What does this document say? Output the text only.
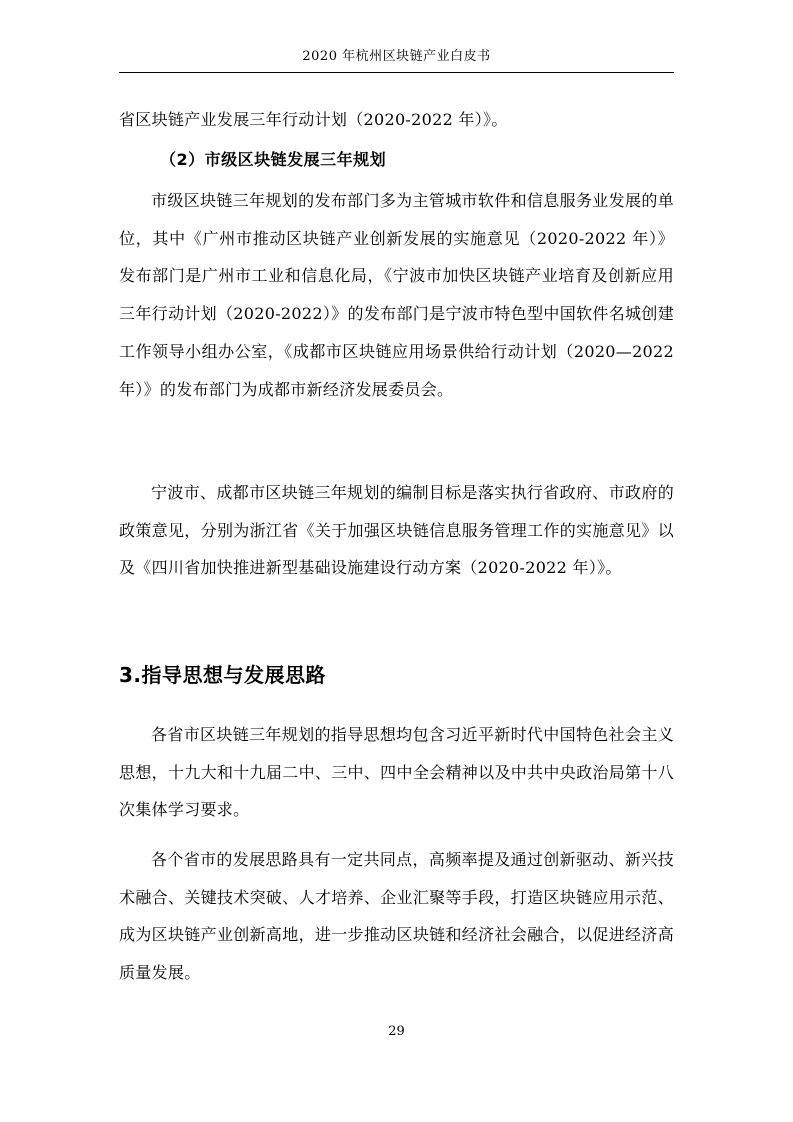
2020 年杭州区块链产业白皮书

省区块链产业发展三年行动计划（2020-2022 年）》。

（2）市级区块链发展三年规划

市级区块链三年规划的发布部门多为主管城市软件和信息服务业发展的单位，其中《广州市推动区块链产业创新发展的实施意见（2020-2022 年）》发布部门是广州市工业和信息化局，《宁波市加快区块链产业培育及创新应用三年行动计划（2020-2022）》的发布部门是宁波市特色型中国软件名城创建工作领导小组办公室，《成都市区块链应用场景供给行动计划（2020—2022 年）》的发布部门为成都市新经济发展委员会。

宁波市、成都市区块链三年规划的编制目标是落实执行省政府、市政府的政策意见，分别为浙江省《关于加强区块链信息服务管理工作的实施意见》以及《四川省加快推进新型基础设施建设行动方案（2020-2022 年）》。

3.指导思想与发展思路

各省市区块链三年规划的指导思想均包含习近平新时代中国特色社会主义思想，十九大和十九届二中、三中、四中全会精神以及中共中央政治局第十八次集体学习要求。

各个省市的发展思路具有一定共同点，高频率提及通过创新驱动、新兴技术融合、关键技术突破、人才培养、企业汇聚等手段，打造区块链应用示范、成为区块链产业创新高地，进一步推动区块链和经济社会融合，以促进经济高质量发展。

29
